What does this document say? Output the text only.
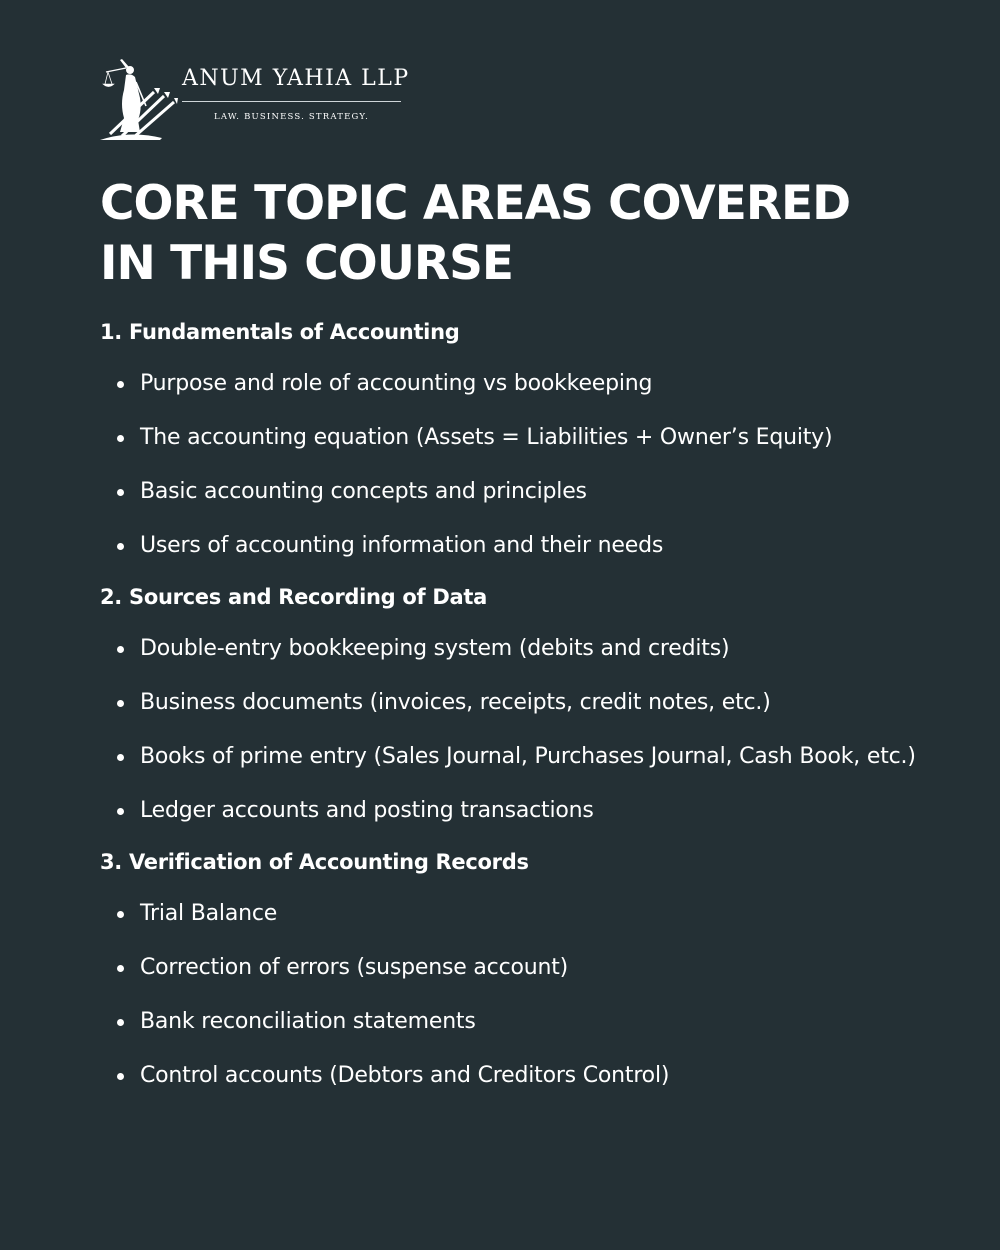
ANUM YAHIA LLP
LAW. BUSINESS. STRATEGY.
CORE TOPIC AREAS COVERED
IN THIS COURSE
1. Fundamentals of Accounting
Purpose and role of accounting vs bookkeeping
The accounting equation (Assets = Liabilities + Owner’s Equity)
Basic accounting concepts and principles
Users of accounting information and their needs
2. Sources and Recording of Data
Double-entry bookkeeping system (debits and credits)
Business documents (invoices, receipts, credit notes, etc.)
Books of prime entry (Sales Journal, Purchases Journal, Cash Book, etc.)
Ledger accounts and posting transactions
3. Verification of Accounting Records
Trial Balance
Correction of errors (suspense account)
Bank reconciliation statements
Control accounts (Debtors and Creditors Control)
